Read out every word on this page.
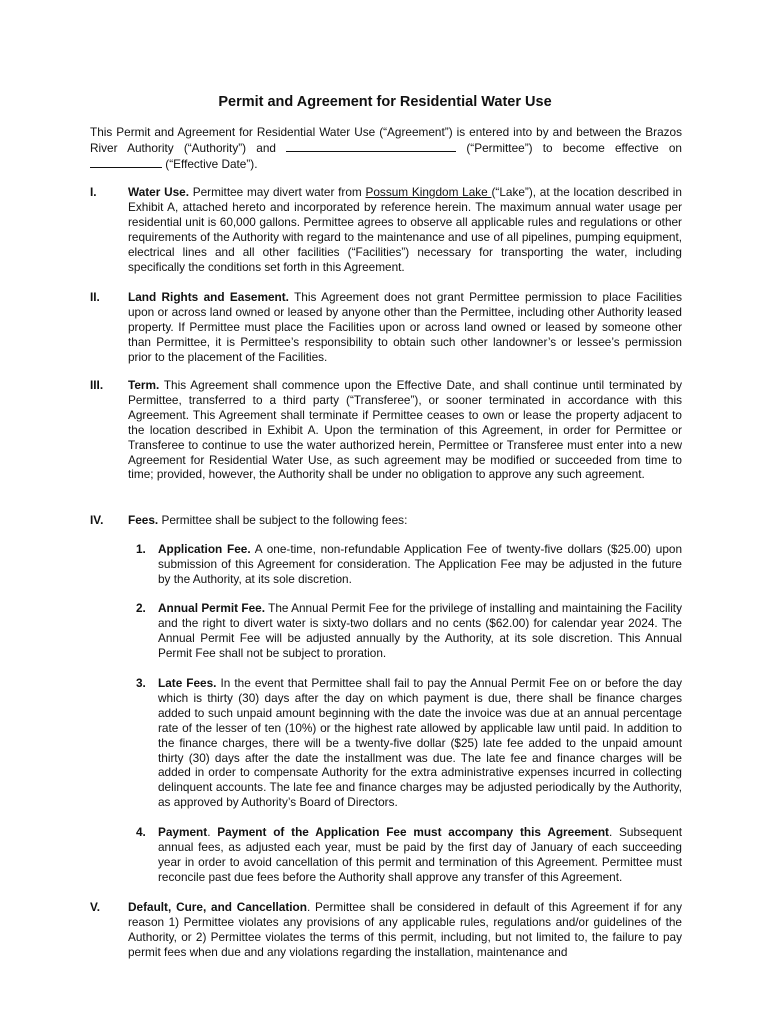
Permit and Agreement for Residential Water Use
This Permit and Agreement for Residential Water Use (“Agreement”) is entered into by and between the Brazos River Authority (“Authority”) and	(“Permittee”) to become effective on  (“Effective Date”).
I.	Water Use. Permittee may divert water from Possum Kingdom Lake (“Lake”), at the location described in Exhibit A, attached hereto and incorporated by reference herein. The maximum annual water usage per residential unit is 60,000 gallons. Permittee agrees to observe all applicable rules and regulations or other requirements of the Authority with regard to the maintenance and use of all pipelines, pumping equipment, electrical lines and all other facilities (“Facilities”) necessary for transporting the water, including specifically the conditions set forth in this Agreement.
II. Land Rights and Easement. This Agreement does not grant Permittee permission to place Facilities upon or across land owned or leased by anyone other than the Permittee, including other Authority leased property. If Permittee must place the Facilities upon or across land owned or leased by someone other than Permittee, it is Permittee’s responsibility to obtain such other landowner’s or lessee’s permission prior to the placement of the Facilities.
III. Term. This Agreement shall commence upon the Effective Date, and shall continue until terminated by Permittee, transferred to a third party (“Transferee”), or sooner terminated in accordance with this Agreement. This Agreement shall terminate if Permittee ceases to own or lease the property adjacent to the location described in Exhibit A. Upon the termination of this Agreement, in order for Permittee or Transferee to continue to use the water authorized herein, Permittee or Transferee must enter into a new Agreement for Residential Water Use, as such agreement may be modified or succeeded from time to time; provided, however, the Authority shall be under no obligation to approve any such agreement.
IV. Fees. Permittee shall be subject to the following fees:
1. Application Fee. A one-time, non-refundable Application Fee of twenty-five dollars ($25.00) upon submission of this Agreement for consideration. The Application Fee may be adjusted in the future by the Authority, at its sole discretion.
2. Annual Permit Fee. The Annual Permit Fee for the privilege of installing and maintaining the Facility and the right to divert water is sixty-two dollars and no cents ($62.00) for calendar year 2024. The Annual Permit Fee will be adjusted annually by the Authority, at its sole discretion. This Annual Permit Fee shall not be subject to proration.
3. Late Fees. In the event that Permittee shall fail to pay the Annual Permit Fee on or before the day which is thirty (30) days after the day on which payment is due, there shall be finance charges added to such unpaid amount beginning with the date the invoice was due at an annual percentage rate of the lesser of ten (10%) or the highest rate allowed by applicable law until paid. In addition to the finance charges, there will be a twenty-five dollar ($25) late fee added to the unpaid amount thirty (30) days after the date the installment was due. The late fee and finance charges will be added in order to compensate Authority for the extra administrative expenses incurred in collecting delinquent accounts. The late fee and finance charges may be adjusted periodically by the Authority, as approved by Authority’s Board of Directors.
4. Payment. Payment of the Application Fee must accompany this Agreement. Subsequent annual fees, as adjusted each year, must be paid by the first day of January of each succeeding year in order to avoid cancellation of this permit and termination of this Agreement. Permittee must reconcile past due fees before the Authority shall approve any transfer of this Agreement.
V. Default, Cure, and Cancellation. Permittee shall be considered in default of this Agreement if for any reason 1) Permittee violates any provisions of any applicable rules, regulations and/or guidelines of the Authority, or 2) Permittee violates the terms of this permit, including, but not limited to, the failure to pay permit fees when due and any violations regarding the installation, maintenance and
